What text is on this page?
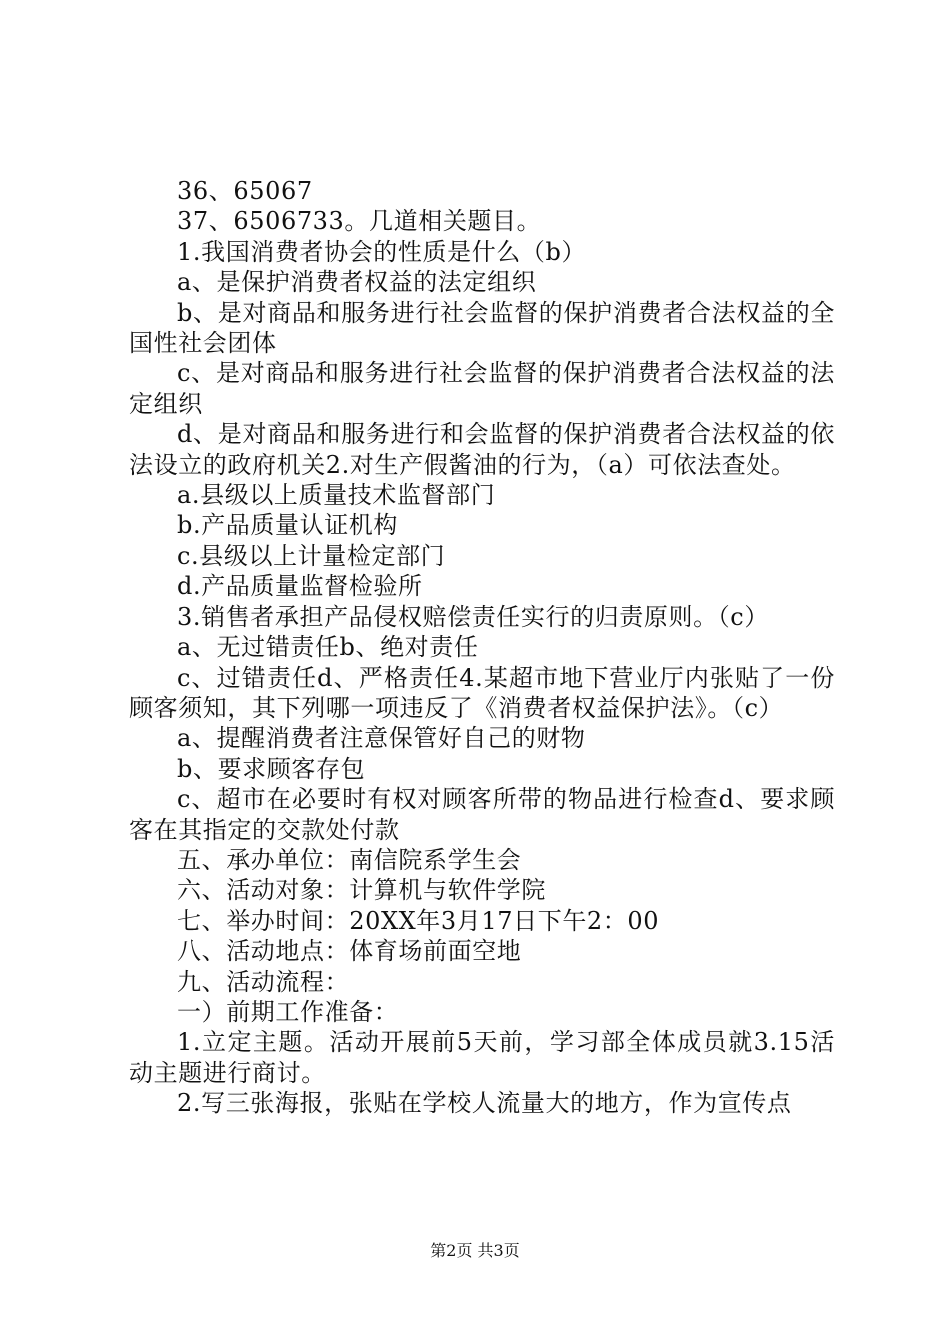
36、65067

37、6506733。几道相关题目。

1.我国消费者协会的性质是什么（b）

a、是保护消费者权益的法定组织

b、是对商品和服务进行社会监督的保护消费者合法权益的全国性社会团体

c、是对商品和服务进行社会监督的保护消费者合法权益的法定组织

d、是对商品和服务进行和会监督的保护消费者合法权益的依法设立的政府机关2.对生产假酱油的行为，（a）可依法查处。

a.县级以上质量技术监督部门

b.产品质量认证机构

c.县级以上计量检定部门

d.产品质量监督检验所

3.销售者承担产品侵权赔偿责任实行的归责原则。（c）

a、无过错责任b、绝对责任

c、过错责任d、严格责任4.某超市地下营业厅内张贴了一份顾客须知，其下列哪一项违反了《消费者权益保护法》。（c）

a、提醒消费者注意保管好自己的财物

b、要求顾客存包

c、超市在必要时有权对顾客所带的物品进行检查d、要求顾客在其指定的交款处付款

五、承办单位：南信院系学生会

六、活动对象：计算机与软件学院

七、举办时间：20XX年3月17日下午2：00

八、活动地点：体育场前面空地

九、活动流程：

一）前期工作准备：

1.立定主题。活动开展前5天前，学习部全体成员就3.15活动主题进行商讨。

2.写三张海报，张贴在学校人流量大的地方，作为宣传点

第2页 共3页
